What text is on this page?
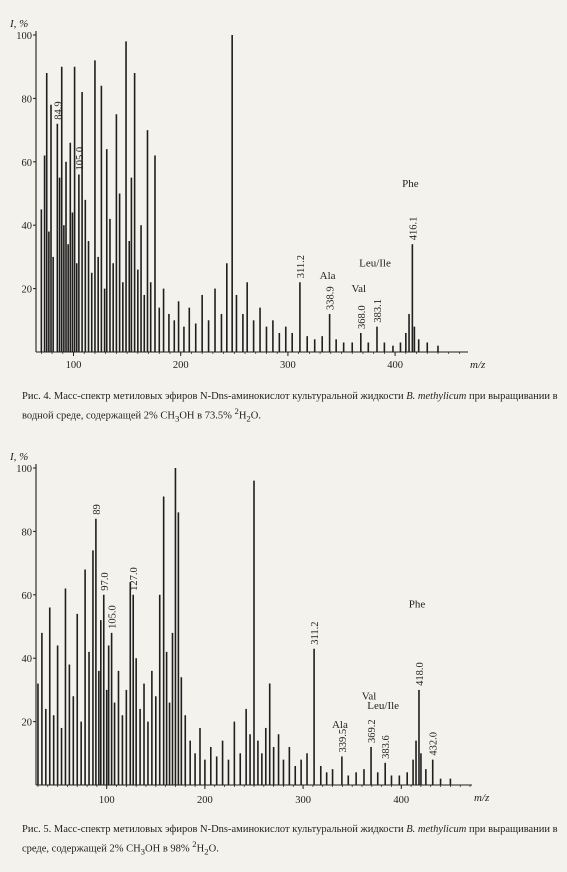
20
40
60
80
100
100	200	300	400
I, %
m/z
84.9
105.0
311.2
338.9
368.0 383.1
416.1
Ala
Val
Leu/Ile
Phe
20
40
60
80
100
100	200	300	400
I, %
m/z
89
97.0
105.0
127.0
311.2
339.5 369.2
383.6
418.0
432.0
Ala
Val
Leu/Ile
Phe
Рис. 4. Масс-спектр метиловых эфиров N-Dns-аминокислот культуральной жидкости B. methylicum при выращивании в водной среде, содержащей 2% $CH_3OH$ в 73.5% $^2H_2O$.
Рис. 5. Масс-спектр метиловых эфиров N-Dns-аминокислот культуральной жидкости B. methylicum при выращивании в среде, содержащей 2% $CH_3OH$ в 98% $^2H_2O$.
